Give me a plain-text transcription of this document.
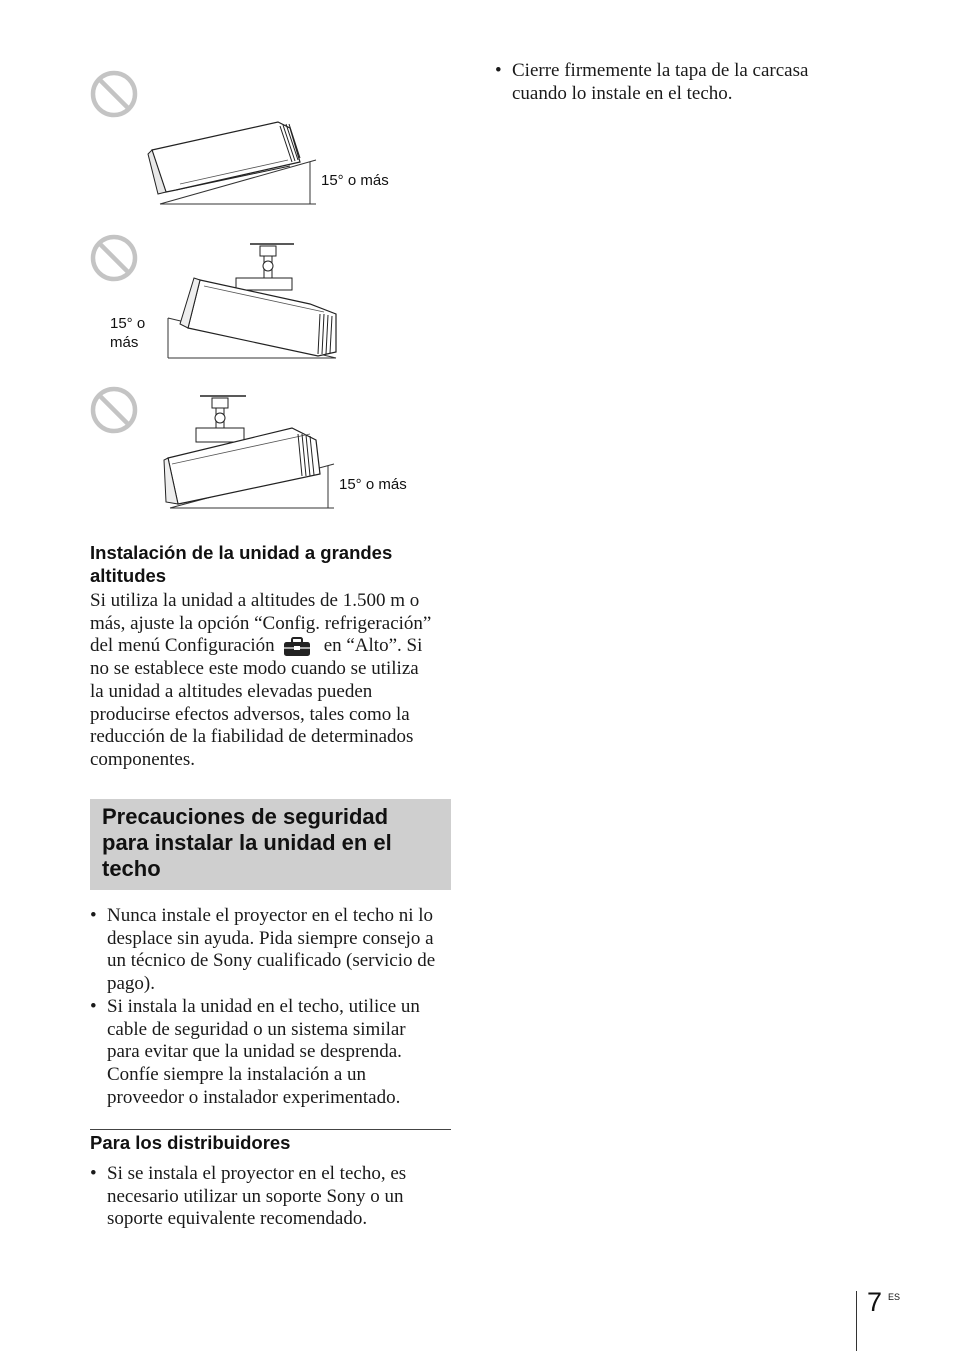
15° o más
15° o
más
15° o más
Instalación de la unidad a grandes
altitudes
Si utiliza la unidad a altitudes de 1.500 m o
más, ajuste la opción “Config. refrigeración”
del menú Configuración	en “Alto”. Si
no se establece este modo cuando se utiliza
la unidad a altitudes elevadas pueden
producirse efectos adversos, tales como la
reducción de la fiabilidad de determinados
componentes.
Precauciones de seguridad
para instalar la unidad en el
techo
• Nunca instale el proyector en el techo ni lo
desplace sin ayuda. Pida siempre consejo a
un técnico de Sony cualificado (servicio de
pago).
• Si instala la unidad en el techo, utilice un
cable de seguridad o un sistema similar
para evitar que la unidad se desprenda.
Confíe siempre la instalación a un
proveedor o instalador experimentado.
Para los distribuidores
• Si se instala el proyector en el techo, es
necesario utilizar un soporte Sony o un
soporte equivalente recomendado.
• Cierre firmemente la tapa de la carcasa
cuando lo instale en el techo.
7 ES
